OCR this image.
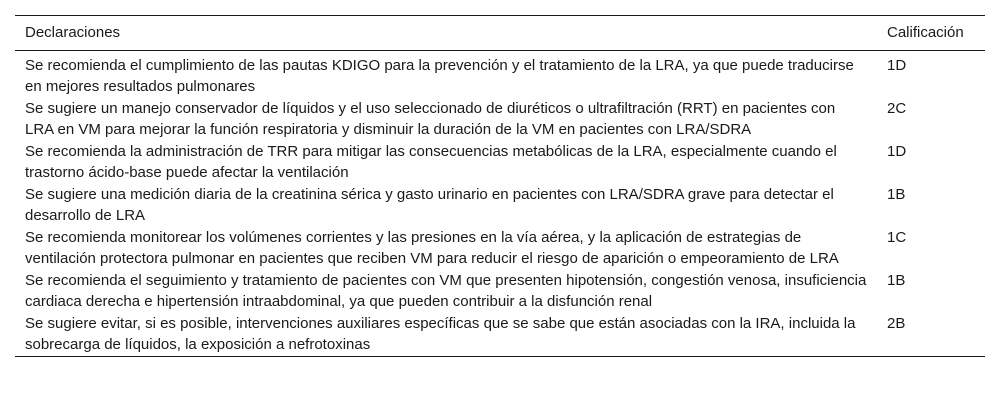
Declaraciones	Calificación
Se recomienda el cumplimiento de las pautas KDIGO para la prevención y el tratamiento de la LRA, ya que puede traducirse en mejores resultados pulmonares	1D
Se sugiere un manejo conservador de líquidos y el uso seleccionado de diuréticos o ultrafiltración (RRT) en pacientes con LRA en VM para mejorar la función respiratoria y disminuir la duración de la VM en pacientes con LRA/SDRA	2C
Se recomienda la administración de TRR para mitigar las consecuencias metabólicas de la LRA, especialmente cuando el trastorno ácido-base puede afectar la ventilación	1D
Se sugiere una medición diaria de la creatinina sérica y gasto urinario en pacientes con LRA/SDRA grave para detectar el desarrollo de LRA	1B
Se recomienda monitorear los volúmenes corrientes y las presiones en la vía aérea, y la aplicación de estrategias de ventilación protectora pulmonar en pacientes que reciben VM para reducir el riesgo de aparición o empeoramiento de LRA	1C
Se recomienda el seguimiento y tratamiento de pacientes con VM que presenten hipotensión, congestión venosa, insuficiencia cardiaca derecha e hipertensión intraabdominal, ya que pueden contribuir a la disfunción renal	1B
Se sugiere evitar, si es posible, intervenciones auxiliares específicas que se sabe que están asociadas con la IRA, incluida la sobrecarga de líquidos, la exposición a nefrotoxinas	2B
